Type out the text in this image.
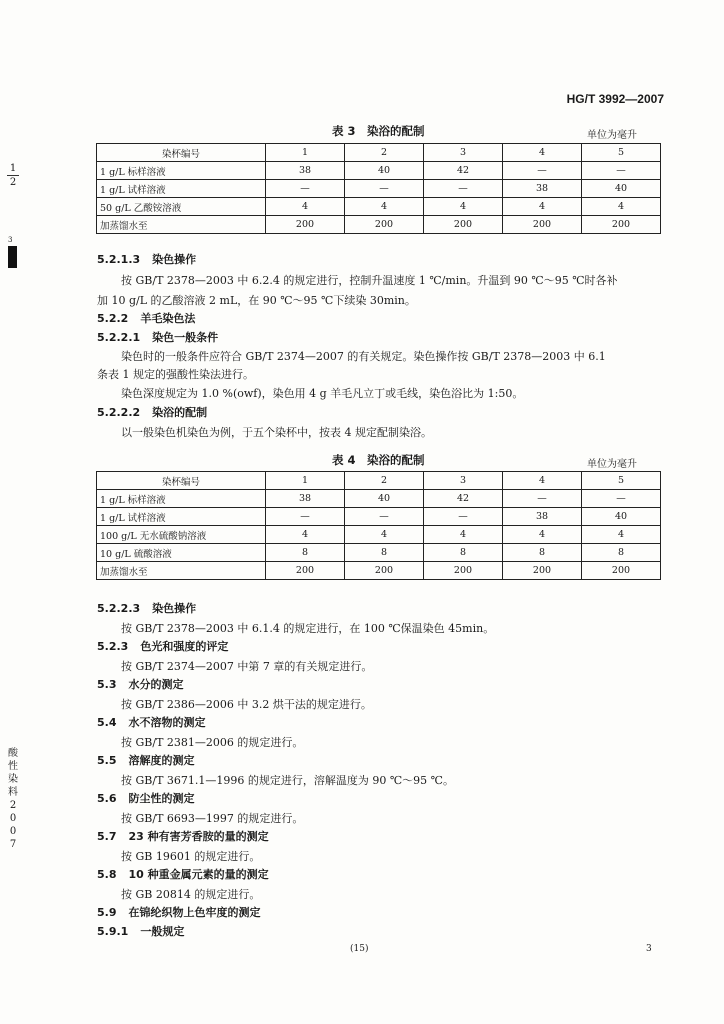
HG/T 3992—2007
1
2
3
酸
性
染
料
2
0
0
7
表 3　染浴的配制	单位为毫升
染杯编号	1	2	3	4	5
1 g/L 标样溶液	38	40	42	—	—
1 g/L 试样溶液	—	—	—	38	40
50 g/L 乙酸铵溶液	4	4	4	4	4
加蒸馏水至	200	200	200	200	200
5.2.1.3 染色操作
按 GB/T 2378—2003 中 6.2.4 的规定进行，控制升温速度 1 ℃/min。升温到 90 ℃～95 ℃时各补
加 10 g/L 的乙酸溶液 2 mL，在 90 ℃～95 ℃下续染 30min。
5.2.2 羊毛染色法
5.2.2.1 染色一般条件
染色时的一般条件应符合 GB/T 2374—2007 的有关规定。染色操作按 GB/T 2378—2003 中 6.1
条表 1 规定的强酸性染法进行。
染色深度规定为 1.0 %(owf)，染色用 4 g 羊毛凡立丁或毛线，染色浴比为 1:50。
5.2.2.2 染浴的配制
以一般染色机染色为例，于五个染杯中，按表 4 规定配制染浴。
表 4　染浴的配制	单位为毫升
染杯编号	1	2	3	4	5
1 g/L 标样溶液	38	40	42	—	—
1 g/L 试样溶液	—	—	—	38	40
100 g/L 无水硫酸钠溶液	4	4	4	4	4
10 g/L 硫酸溶液	8	8	8	8	8
加蒸馏水至	200	200	200	200	200
5.2.2.3 染色操作
按 GB/T 2378—2003 中 6.1.4 的规定进行，在 100 ℃保温染色 45min。
5.2.3 色光和强度的评定
按 GB/T 2374—2007 中第 7 章的有关规定进行。
5.3 水分的测定
按 GB/T 2386—2006 中 3.2 烘干法的规定进行。
5.4 水不溶物的测定
按 GB/T 2381—2006 的规定进行。
5.5 溶解度的测定
按 GB/T 3671.1—1996 的规定进行，溶解温度为 90 ℃～95 ℃。
5.6 防尘性的测定
按 GB/T 6693—1997 的规定进行。
5.7 23 种有害芳香胺的量的测定
按 GB 19601 的规定进行。
5.8 10 种重金属元素的量的测定
按 GB 20814 的规定进行。
5.9 在锦纶织物上色牢度的测定
5.9.1 一般规定
(15)	3
